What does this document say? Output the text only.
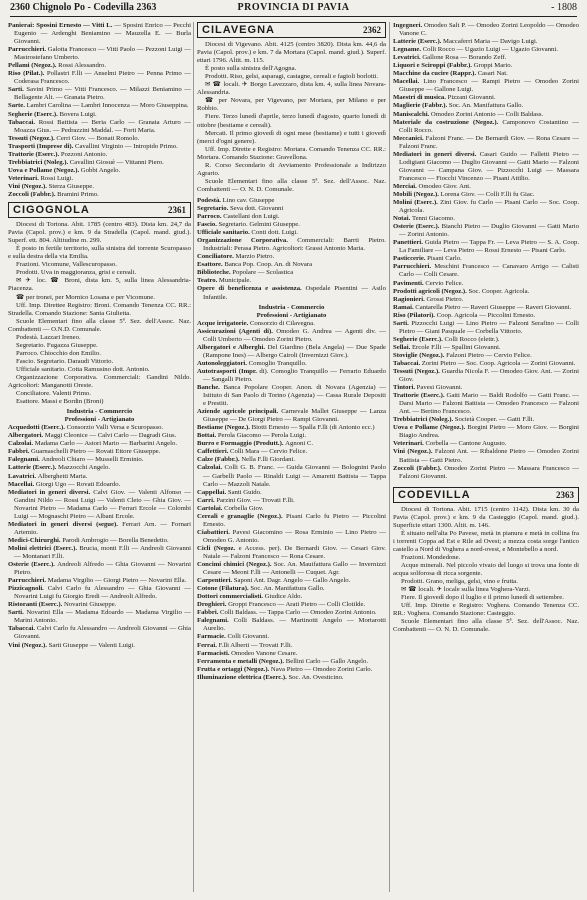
2360 Chignolo Po - Codevilla 2363	PROVINCIA DI PAVIA	- 1808

Panierai: Sposini Ernesto — Vitti L. — Sposini Enrico — Pecchi Eugenio — Ardenghi Beniamino — Mauzella E. — Burla Giovanni.

Parrucchieri. Galotta Francesco — Vitti Paolo — Pezzoni Luigi — Mastrostefano Umberto.

Pellami (Negoz.). Rossi Alessandro.

Riso (Pilat.). Pollastri F.lli — Anselmi Pietro — Penna Primo — Coderasa Francesco.

Sarti. Savini Primo — Vitti Francesco. — Milazzi Beniamino — Bellagente Alt. — Granata Pietro.

Sarte. Lambri Carolina — Lambri Innocenza — Moro Giuseppina.

Segherie (Eserc.). Bovera Luigi.

Tabaccai. Rossi Battista — Beria Carlo — Granata Arturo — Moazza Gius. — Pedrazzini Maddal. — Forti Maria.

Tessuti (Negoz.). Cerri Giov. — Bonati Romolo.

Trasporti (Imprese di). Cavallini Virginio — Intropido Primo.

Trattorie (Eserc.). Pozzoni Antonio.

Trebbiatrici (Noleg.). Cavallini Giosuè — Vittanni Piero.

Uova e Pollame (Negoz.). Gobbi Angelo.

Veterinari. Rossi Luigi.

Vini (Negoz.). Sterza Giuseppe.

Zoccoli (Fabbr.). Bramini Primo.

CIGOGNOLA	2361

Diocesi di Tortona. Abit. 1785 (centro 483). Dista km. 24,7 da Pavia (Capol. prov.) e km. 9 da Stradella (Capol. mand. giud.). Superf. ett. 804. Altitudine m. 299.

È posto in fertile territorio, sulla sinistra del torrente Scuropasso e sulla destra della via Emilia.

Frazioni. Vicomune, Vallescuropasso.

Prodotti. Uva in maggioranza, grisi e cereali.

✉ ✈ loc. ☎ Broni, dista km. 5, sulla linea Alessandria-Piacenza.

☎ per tronei, per Mornico Losana e per Vicomune.

Uff. Imp. Direttee Registro: Broni. Comando Tenenza CC. RR.: Stradella. Comando Stazione: Santa Giulietta.

Scuole Elementari fino alla classe 5ª. Sez. dell'Assoc. Naz. Combattenti — O.N.D. Comunale.

Podestà. Lazzari Ireneo.

Segretario. Fugazza Giuseppe.

Parroco. Chiocchio don Emilio.

Fascio. Segretario. Daraudi Vittorio.

Ufficiale sanitario. Cotta Ramusino dott. Antonio.

Organizzazione Corporativa. Commerciali: Gandini Nildo. Agricoltori: Manganotti Oreste.

Conciliatore. Valenti Primo.

Esattore. Massi e Bordin (Broni)

Industria - Commercio
Professioni - Artigianato

Acquedotti (Eserc.). Consorzio Valli Versa e Scuropasso.

Albergatori. Maggi Cleonice — Calvi Carlo — Dagradi Gius.

Calzolai. Madama Carlo — Astori Mario — Barbarini Angelo.

Fabbri. Guarnaschelli Pietro — Rovati Ettore Giuseppe.

Falegnami. Andreoli Chiaro — Musselli Erminio.

Latterie (Eserc.). Mazzocchi Angelo.

Lavatrici. Alberghetti Maria.

Macellai. Giorgi Ugo — Rovati Edoardo.

Mediatori in generi diversi. Calvi Giov. — Valenti Alfonso — Gandini Nildo — Rossi Luigi — Valenti Cleto — Ghia Giov. — Novarini Pietro — Madama Carlo — Ferrari Ercole — Colombi Luigi — Mognaschi Pietro — Albani Ercole.

Mediatori in generi diversi (segue). Ferrari Arn. — Fornari Artemio.

Medici-Chirurghi. Parodi Ambrogio — Borella Benedetto.

Molini elettrici (Eserc.). Brucia, monti F.lli — Andreoli Giovanni — Montanari F.lli.

Osterie (Eserc.). Andreoli Alfredo — Ghia Giovanni — Novarini Pietro.

Parrucchieri. Madama Virgilio — Giorgi Pietro — Novarini Ella.

Pizzicagnoli. Calvi Carlo fu Alessandro — Ghia Giovanni — Novarini Luigi fu Giorgio Eredi — Andreoli Alfredo.

Ristoranti (Eserc.). Novarini Giuseppe.

Sarti. Novarini Ella — Madama Edoardo — Madama Virgilio — Marini Antonio.

Tabaccai. Calvi Carlo fu Alessandro — Andreoli Giovanni — Ghia Giovanni.

Vini (Negoz.). Sarti Giuseppe — Valenti Luigi.

CILAVEGNA	2362

Diocesi di Vigevano. Abit. 4125 (centro 3820). Dista km. 44,6 da Pavia (Capol. prov.) e km. 7 da Mortara (Capol. mand. giud.). Superf. ettari 1796. Altit. m. 115.

È posto sulla sinistra dell'Agogna.

Prodotti. Riso, gelsi, asparagi, castagne, cereali e fagioli borlotti.

✉ ☎ locali. ✈ Borgo Lavezzaro, dista km. 4, sulla linea Novara-Alessandria.

☎ per Novara, per Vigevano, per Mortara, per Milano e per Robbio.

Fiere. Terzo lunedì d'aprile, terzo lunedì d'agosto, quarto lunedì di ottobre (bestiame e cereali).

Mercati. Il primo giovedì di ogni mese (bestiame) e tutti i giovedì (merci d'ogni genere).

Uff. Imp. Dirette e Registro: Mortara. Comando Tenenza CC. RR.: Mortara. Comando Stazione: Gravellona.

R. Corso Secondario di Avviamento Professionale a Indirizzo Agrario.

Scuole Elementari fino alla classe 5ª. Sez. dell'Assoc. Naz. Combattenti — O. N. D. Comunale.

Podestà. Lino cav. Giuseppe

Segretario. Seva dott. Giovanni

Parroco. Castellani don Luigi.

Fascio. Segretario. Gelmini Giuseppe.

Ufficiale sanitario. Conti dott. Luigi.

Organizzazione Corporativa. Commerciali: Barrti Pietro. Industriali: Perasa Pietro. Agricoltori: Grassi Antonio Maria.

Conciliatore. Marzio Pietro.

Esattore. Banca Pop. Coop. An. di Novara

Biblioteche. Popolare — Scolastica

Teatro. Municipale.

Opere di beneficenza e assistenza. Ospedale Pisentini — Asilo Infantile.

Industria - Commercio
Professioni - Artigianato

Acque irrigatorie. Consorzio di Cilavegna.

Assicurazioni (Agenti di). Omodeo G. Andrea — Agenti div. — Colli Umberto — Omodeo Zorini Pietro.

Albergatori e Alberghi. Del Giardino (Bela Angela) — Due Spade (Rampone Ines) — Albergo Cairoli (Invernizzi Giov.).

Autonoleggiatori. Comoglio Tranquillo.

Autotrasporti (Impr. di). Comoglio Tranquillo — Ferrario Eduardo — Sangalli Pietro.

Banche. Banca Popolare Cooper. Anon. di Novara (Agenzia) — Istituto di San Paolo di Torino (Agenzia) — Cassa Rurale Depositi e Prestiti.

Aziende agricole principali. Carnevale Mallet Giuseppe — Lanza Giuseppe — De Giorgi Pietro — Rampi Giovanni.

Bestiame (Negoz.). Biotti Ernesto — Spalla F.lli (di Antonio ecc.)

Bottai. Perola Giacomo — Perola Luigi.

Burro e Formaggio (Produtt.). Agnoni C.

Caffettieri. Colli Mara — Cervio Felice.

Calze (Fabbr.). Nella F.lli Giordani.

Calzolai. Colli G. B. Franc. — Guida Giovanni — Bolognini Paolo — Garbelli Paolo — Rinaldi Luigi — Amaretti Battista — Tappa Carlo — Mazzoli Natale.

Cappellai. Santi Guido.

Carri. Parzini Giov. — Trovati F.lli.

Cartolai. Corbella Giov.

Cereali e granaglie (Negoz.). Pisani Carlo fu Pietro — Piccolini Ernesto.

Ciabattieri. Pavesi Giacomino — Rosa Erminio — Lino Pietro — Omodeo G. Antonio.

Cicli (Negoz. e Access. per). De Bernardi Giov. — Cesari Giov. Natale — Falzoni Francesco — Rona Cesare.

Concimi chimici (Negoz.). Soc. An. Mauifattura Gallo — Invernizzi Cesare — Meoni F.lli — Antonelli — Cuquet. Agr.

Carpentieri. Saponi Ant. Dagr. Angelo — Gallo Angelo.

Cotone (Filatura). Soc. An. Manifattura Gallo.

Dottori commercialisti. Giudice Aldo.

Droghieri. Groppi Francesco — Arati Pietro — Colli Clotilde.

Fabbri. Colli Baldass. — Tappa Carlo — Omodeo Zorini Antonio.

Falegnami. Colli Baldass. — Martinotti Angelo — Mortarotti Aurelio.

Farmacie. Colli Giovanni.

Ferrai. F.lli Alberti — Trovati F.lli.

Farmacisti. Omodeo Vanone Cesare.

Ferramenta e metalli (Negoz.). Bellini Carlo — Gallo Angelo.

Frutta e ortaggi (Negoz.). Nava Pietro — Omodeo Zorini Carlo.

Illuminazione elettrica (Eserc.). Soc. An. Ovesticino.

Ingegneri. Omodeo Salt P. — Omodeo Zorini Leopoldo — Omodeo Vanone C.

Latterie (Eserc.). Maccaferri Maria — Davigo Luigi.

Legname. Colli Rocco — Ugazio Luigi — Ugazio Giovanni.

Levatrici. Gallone Rosa — Borando Zeff.

Liquori e Sciroppi (Fabbr.). Groppi Mario.

Macchine da cucire (Rappr.). Casari Nat.

Macellai. Lino Francesco — Rampi Pietro — Omodeo Zorini Giuseppe — Gallone Luigi.

Maestri di musica. Pizzani Giovanni.

Maglierie (Fabbr.). Soc. An. Manifattura Gallo.

Maniscalchi. Omodeo Zorini Antonio — Colli Baldass.

Materiale da costruzione (Negoz.). Camponovo Costantino — Colli Rocco.

Meccanici. Falzoni Franc. — De Bernardi Giov. — Rona Cesare — Falzoni Franc.

Mediatori in generi diversi. Casari Guido — Falletti Pietro — Lodigiani Giacomo — Duglio Giovanni — Gatti Mario — Falzoni Giovanni — Campana Giov. — Pizzocchi Luigi — Massara Francesco — Fiocchi Vincenzo — Pisani Attilio.

Merciai. Omodeo Giov. Ant.

Mobili (Negoz.). Lorena Giov. — Colli F.lli fu Giac.

Molini (Eserc.). Zini Giov. fu Carlo — Pisani Carlo — Soc. Coop. Agricola.

Notai. Tenni Giacomo.

Osterie (Eserc.). Bianchi Pietro — Duglio Giovanni — Gatti Mario — Zorini Antonio.

Panettieri. Guida Pietro — Tappa Fr. — Leva Pietro — S. A. Coop. La Familiare — Leva Pietro — Rossi Ernesto — Pisani Carlo.

Pasticcerie. Pisani Carlo.

Parrucchieri. Meschini Francesco — Canavaro Arrigo — Calisti Carlo — Colli Cesare.

Pavimenti. Cervio Felice.

Prodotti agricoli (Negoz.). Soc. Cooper. Agricola.

Ragionieri. Grossi Pietro.

Ramai. Cantarella Pietro — Raveri Giuseppe — Raveri Giovanni.

Riso (Pilatori). Coop. Agricola — Piccolini Ernesto.

Sarti. Pizzocchi Luigi — Lino Pietro — Falzoni Serafino — Colli Pietro — Giani Pasquale — Corbella Vittorio.

Segherie (Eserc.). Colli Rocco (elettr.).

Sellai. Ercole F.lli — Spallini Giovanni.

Stoviglie (Negoz.). Falzoni Pietro — Cervio Felice.

Tabaccai. Zorini Pietro — Soc. Coop. Agricola — Zorini Giovanni.

Tessuti (Negoz.). Guardia Nicola F. — Omodeo Giov. Ant. — Zorini Giov.

Tintori. Pavesi Giovanni.

Trattorie (Eserc.). Gatti Mario — Baldi Rodolfo — Gatti Franc. — Darsi Mario — Falzoni Battista — Omodeo Francesco — Falzoni Ant. — Bertino Francesco.

Trebbiatrici (Noleg.). Società Cooper. — Gatti F.lli.

Uova e Pollame (Negoz.). Borgini Pietro — Moro Giov. — Borgini Biagio Andrea.

Veterinari. Corbella — Cantone Augusto.

Vini (Negoz.). Falzoni Ant. — Ribaldone Pietro — Omodeo Zorini Battista — Gatti Pietro.

Zoccoli (Fabbr.). Omodeo Zorini Pietro — Massara Francesco — Falzoni Giovanni.

CODEVILLA	2363

Diocesi di Tortona. Abit. 1715 (centro 1142). Dista km. 30 da Pavia (Capol. prov.) e km. 9 da Casteggio (Capol. mand. giud.). Superficie ettari 1300. Altit. m. 146.

È situato nell'alta Po Pavese, metà in pianura e metà in collina fra i torrenti Coppa ad Est e Rile ad Ovest; a mezza costa sorge l'antico castello a Nord di Voghera a nord-ovest, e Montebello a nord.

Frazioni. Mondedone.

Acque minerali. Nel piccolo vivaio del luogo si trova una fonte di acqua solforosa di ricca sorgente.

Prodotti. Grano, meliga, gelsi, vino e frutta.

✉ ☎ locali. ✈ locale sulla linea Voghera-Varzi.

Fiere. Il giovedì dopo il luglio e il primo lunedì di settembre.

Uff. Imp. Dirette e Registro: Voghera. Comando Tenenza CC. RR.: Voghera. Comando Stazione: Casteggio.

Scuole Elementari fino alla classe 5ª. Sez. dell'Assoc. Naz. Combattenti — O. N. D. Comunale.
